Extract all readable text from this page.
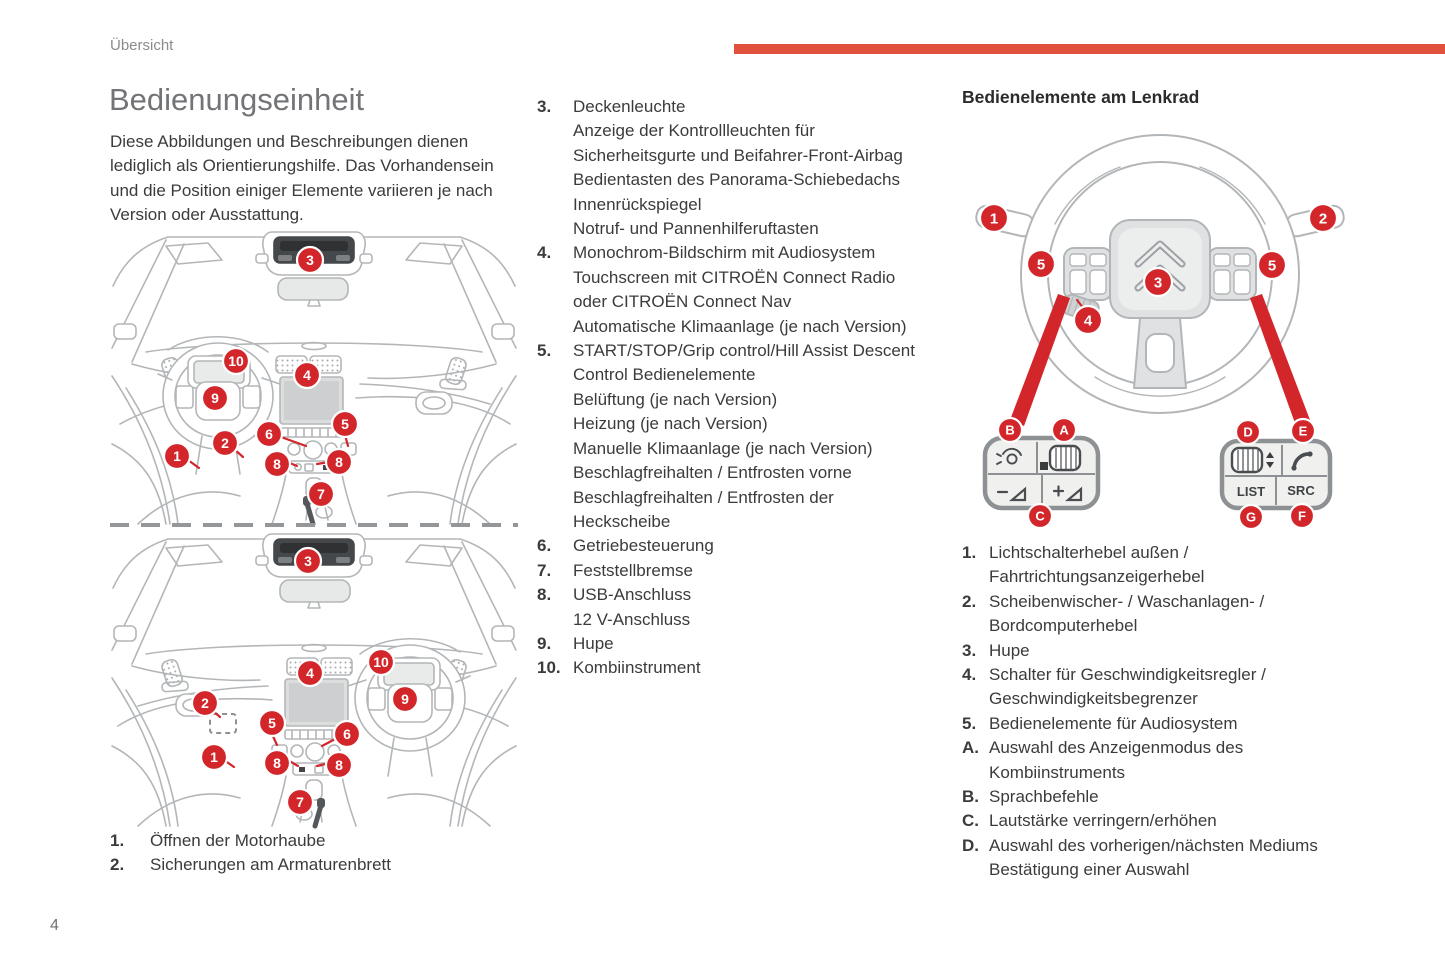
Übersicht
Bedienungseinheit
Diese Abbildungen und Beschreibungen dienen
lediglich als Orientierungshilfe. Das Vorhandensein
und die Position einiger Elemente variieren je nach
Version oder Ausstattung.
3
10
9
4
5
6
2
1	8	8
7
3
2
4
10
9
5
6
1	8	8
7
1.	Öffnen der Motorhaube
2.	Sicherungen am Armaturenbrett
4
3.	Deckenleuchte
Anzeige der Kontrollleuchten für
Sicherheitsgurte und Beifahrer-Front-Airbag
Bedientasten des Panorama-Schiebedachs
Innenrückspiegel
Notruf- und Pannenhilferuftasten
4.	Monochrom-Bildschirm mit Audiosystem
Touchscreen mit CITROËN Connect Radio
oder CITROËN Connect Nav
Automatische Klimaanlage (je nach Version)
5.	START/STOP/Grip control/Hill Assist Descent
Control Bedienelemente
Belüftung (je nach Version)
Heizung (je nach Version)
Manuelle Klimaanlage (je nach Version)
Beschlagfreihalten / Entfrosten vorne
Beschlagfreihalten / Entfrosten der
Heckscheibe
6.	Getriebesteuerung
7.	Feststellbremse
8.	USB-Anschluss
12 V-Anschluss
9.	Hupe
10. Kombiinstrument
Bedienelemente am Lenkrad
LIST SRC
1	2
5	5
3
4
B	A
C
D	E
G	F
1. Lichtschalterhebel außen /
Fahrtrichtungsanzeigerhebel
2. Scheibenwischer- / Waschanlagen- /
Bordcomputerhebel
3. Hupe
4. Schalter für Geschwindigkeitsregler /
Geschwindigkeitsbegrenzer
5. Bedienelemente für Audiosystem
A. Auswahl des Anzeigenmodus des
Kombiinstruments
B. Sprachbefehle
C. Lautstärke verringern/erhöhen
D. Auswahl des vorherigen/nächsten Mediums
Bestätigung einer Auswahl
